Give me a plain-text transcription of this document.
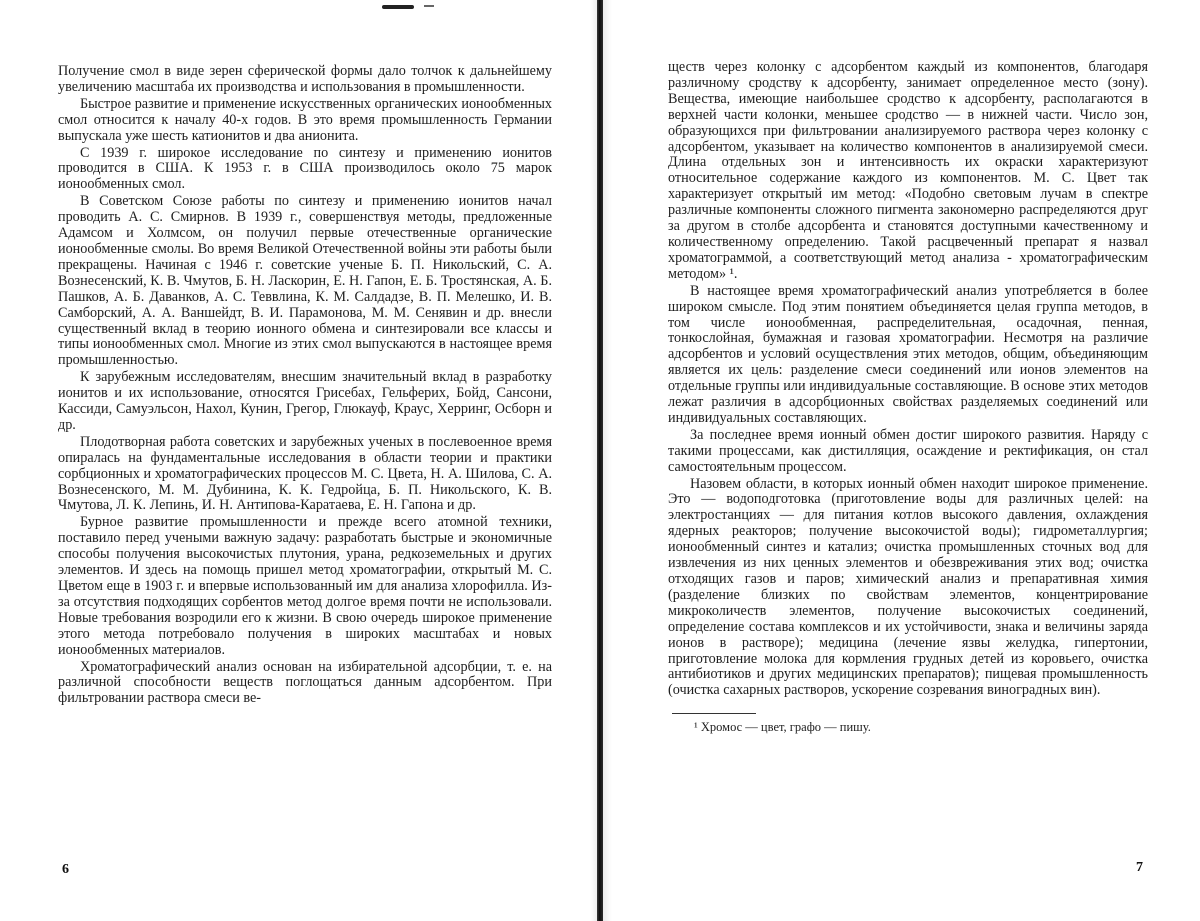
Получение смол в виде зерен сферической формы дало толчок к дальнейшему увеличению масштаба их производства и использования в промышленности.

Быстрое развитие и применение искусственных органических ионообменных смол относится к началу 40-х годов. В это время промышленность Германии выпускала уже шесть катионитов и два анионита.

С 1939 г. широкое исследование по синтезу и применению ионитов проводится в США. К 1953 г. в США производилось около 75 марок ионообменных смол.

В Советском Союзе работы по синтезу и применению ионитов начал проводить А. С. Смирнов. В 1939 г., совершенствуя методы, предложенные Адамсом и Холмсом, он получил первые отечественные органические ионообменные смолы. Во время Великой Отечественной войны эти работы были прекращены. Начиная с 1946 г. советские ученые Б. П. Никольский, С. А. Вознесенский, К. В. Чмутов, Б. Н. Ласкорин, Е. Н. Гапон, Е. Б. Тростянская, А. Б. Пашков, А. Б. Даванков, А. С. Теввлина, К. М. Салдадзе, В. П. Мелешко, И. В. Самборский, А. А. Ваншейдт, В. И. Парамонова, М. М. Сенявин и др. внесли существенный вклад в теорию ионного обмена и синтезировали все классы и типы ионообменных смол. Многие из этих смол выпускаются в настоящее время промышленностью.

К зарубежным исследователям, внесшим значительный вклад в разработку ионитов и их использование, относятся Грисебах, Гельферих, Бойд, Сансони, Кассиди, Самуэльсон, Нахол, Кунин, Грегор, Глюкауф, Краус, Херринг, Осборн и др.

Плодотворная работа советских и зарубежных ученых в послевоенное время опиралась на фундаментальные исследования в области теории и практики сорбционных и хроматографических процессов М. С. Цвета, Н. А. Шилова, С. А. Вознесенского, М. М. Дубинина, К. К. Гедройца, Б. П. Никольского, К. В. Чмутова, Л. К. Лепинь, И. Н. Антипова-Каратаева, Е. Н. Гапона и др.

Бурное развитие промышленности и прежде всего атомной техники, поставило перед учеными важную задачу: разработать быстрые и экономичные способы получения высокочистых плутония, урана, редкоземельных и других элементов. И здесь на помощь пришел метод хроматографии, открытый М. С. Цветом еще в 1903 г. и впервые использованный им для анализа хлорофилла. Из-за отсутствия подходящих сорбентов метод долгое время почти не использовали. Новые требования возродили его к жизни. В свою очередь широкое применение этого метода потребовало получения в широких масштабах и новых ионообменных материалов.

Хроматографический анализ основан на избирательной адсорбции, т. е. на различной способности веществ поглощаться данным адсорбентом. При фильтровании раствора смеси ве-

6

ществ через колонку с адсорбентом каждый из компонентов, благодаря различному сродству к адсорбенту, занимает определенное место (зону). Вещества, имеющие наибольшее сродство к адсорбенту, располагаются в верхней части колонки, меньшее сродство — в нижней части. Число зон, образующихся при фильтровании анализируемого раствора через колонку с адсорбентом, указывает на количество компонентов в анализируемой смеси. Длина отдельных зон и интенсивность их окраски характеризуют относительное содержание каждого из компонентов. М. С. Цвет так характеризует открытый им метод: «Подобно световым лучам в спектре различные компоненты сложного пигмента закономерно распределяются друг за другом в столбе адсорбента и становятся доступными качественному и количественному определению. Такой расцвеченный препарат я назвал хроматограммой, а соответствующий метод анализа - хроматографическим методом» ¹.

В настоящее время хроматографический анализ употребляется в более широком смысле. Под этим понятием объединяется целая группа методов, в том числе ионообменная, распределительная, осадочная, пенная, тонкослойная, бумажная и газовая хроматографии. Несмотря на различие адсорбентов и условий осуществления этих методов, общим, объединяющим является их цель: разделение смеси соединений или ионов элементов на отдельные группы или индивидуальные составляющие. В основе этих методов лежат различия в адсорбционных свойствах разделяемых соединений или индивидуальных составляющих.

За последнее время ионный обмен достиг широкого развития. Наряду с такими процессами, как дистилляция, осаждение и ректификация, он стал самостоятельным процессом.

Назовем области, в которых ионный обмен находит широкое применение. Это — водоподготовка (приготовление воды для различных целей: на электростанциях — для питания котлов высокого давления, охлаждения ядерных реакторов; получение высокочистой воды); гидрометаллургия; ионообменный синтез и катализ; очистка промышленных сточных вод для извлечения из них ценных элементов и обезвреживания этих вод; очистка отходящих газов и паров; химический анализ и препаративная химия (разделение близких по свойствам элементов, концентрирование микроколичеств элементов, получение высокочистых соединений, определение состава комплексов и их устойчивости, знака и величины заряда ионов в растворе); медицина (лечение язвы желудка, гипертонии, приготовление молока для кормления грудных детей из коровьего, очистка антибиотиков и других медицинских препаратов); пищевая промышленность (очистка сахарных растворов, ускорение созревания виноградных вин).

¹ Хромос — цвет, графо — пишу.
7
